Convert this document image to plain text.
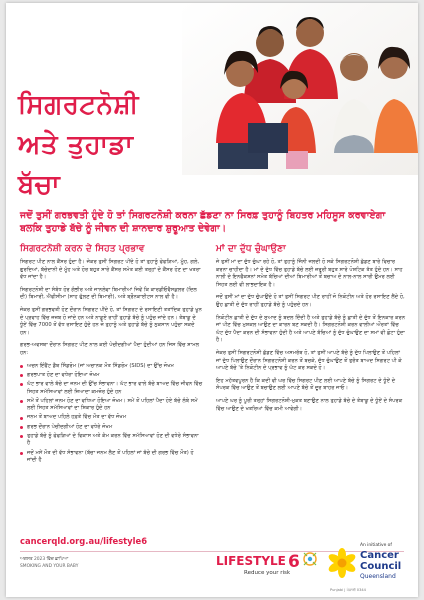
ਸਿਗਰਟਨੋਸ਼ੀ
ਅਤੇ ਤੁਹਾਡਾ
ਬੱਚਾ
ਜਦੋਂ ਤੁਸੀਂ ਗਰਭਵਤੀ ਹੁੰਦੇ ਹੋ ਤਾਂ ਸਿਗਰਟਨੋਸ਼ੀ ਕਰਨਾ ਛੱਡਣਾ ਨਾ ਸਿਰਫ਼ ਤੁਹਾਨੂੰ ਬਿਹਤਰ ਮਹਿਸੂਸ ਕਰਵਾਏਗਾ ਬਲਕਿ ਤੁਹਾਡੇ ਬੱਚੇ ਨੂੰ ਜੀਵਨ ਦੀ ਸ਼ਾਨਦਾਰ ਸ਼ੁਰੂਆਤ ਦੇਵੇਗਾ।
ਸਿਗਰਟਨੋਸ਼ੀ ਕਰਨ ਦੇ ਸਿਹਤ ਪ੍ਰਭਾਵ

ਸਿਗਰਟ ਪੀਣ ਨਾਲ ਕੈਂਸਰ ਹੁੰਦਾ ਹੈ। ਜੇਕਰ ਤੁਸੀਂ ਸਿਗਰਟ ਪੀਂਦੇ ਹੋ ਤਾਂ ਤੁਹਾਨੂੰ ਫੇਫੜਿਆਂ, ਮੂੰਹ, ਗਲੇ, ਗੁਰਦਿਆਂ, ਬੱਚੇਦਾਨੀ ਦੇ ਮੂੰਹ ਅਤੇ ਹੋਰ ਬਹੁਤ ਸਾਰੇ ਕੈਂਸਰ ਸਮੇਤ ਕਈ ਤਰ੍ਹਾਂ ਦੇ ਕੈਂਸਰ ਹੋਣ ਦਾ ਖਤਰਾ ਵੱਧ ਜਾਂਦਾ ਹੈ।

ਸਿਗਰਟਨੋਸ਼ੀ ਦਾ ਸੰਬੰਧ ਹੋਰ ਗੰਭੀਰ ਅਤੇ ਜਾਨਲੇਵਾ ਬਿਮਾਰੀਆਂ ਜਿਵੇਂ ਕਿ ਕਾਰਡੀਓਵੈਸਕੁਲਰ (ਦਿਲ ਦੀ) ਬਿਮਾਰੀ, ਐਂਫੀਸੀਮਾ (ਸਾਹ ਫੁੱਲਣ ਦੀ ਬਿਮਾਰੀ), ਅਤੇ ਬ੍ਰੌਨਕਾਈਟਸ ਨਾਲ ਵੀ ਹੈ।

ਜੇਕਰ ਤੁਸੀਂ ਗਰਭਵਤੀ ਹੋਣ ਦੌਰਾਨ ਸਿਗਰਟ ਪੀਂਦੇ ਹੋ, ਤਾਂ ਸਿਗਰਟ ਦੇ ਰਸਾਇਣੀ ਤਤਾਂਦਿਕ ਤੁਹਾਡੇ ਖੂਨ ਦੇ ਪ੍ਰਵਾਹ ਵਿੱਚ ਜਜ਼ਬ ਹੋ ਜਾਂਦੇ ਹਨ ਅਤੇ ਨਾੜੂਏ ਰਾਹੀਂ ਤੁਹਾਡੇ ਬੱਚੇ ਨੂੰ ਪਹੁੰਚ ਜਾਂਦੇ ਹਨ। ਤੰਬਾਕੂ ਦੇ ਧੂੰਏਂ ਵਿੱਚ 7000 ਤੋਂ ਵੱਧ ਰਸਾਇਣ ਹੁੰਦੇ ਹਨ ਜੋ ਤੁਹਾਨੂੰ ਅਤੇ ਤੁਹਾਡੇ ਬੱਚੇ ਨੂੰ ਨੁਕਸਾਨ ਪਹੁੰਚਾ ਸਕਦੇ ਹਨ।

ਗਰਭ-ਅਵਸਥਾ ਦੌਰਾਨ ਸਿਗਰਟ ਪੀਣ ਨਾਲ ਕਈ ਪੇਚੀਦਗੀਆਂ ਪੈਦਾ ਹੁੰਦੀਆਂ ਹਨ ਜਿਸ ਵਿੱਚ ਸ਼ਾਮਲ ਹਨ:

ਅਚਨ ਇੰਫੈਂਟ ਡੈਥ ਸਿੰਡਰੋਮ (ਜਾਂ ਅਚਾਨਕ ਮੌਤ ਸਿੰਡਰੋਮ (SIDS) ਦਾ ਉੱਚ ਜੋਖਮ
ਗਰਭਪਾਤ ਹੋਣ ਦਾ ਵਧੇਰਾ ਹੋਇਆ ਜੋਖਮ
ਘੱਟ ਭਾਰ ਵਾਲੇ ਬੱਚੇ ਦਾ ਜਨਮ ਦੀ ਉੱਚ ਸੰਭਾਵਨਾ। ਘੱਟ ਭਾਰ ਵਾਲੇ ਬੱਚੇ ਬਾਅਦ ਵਿੱਚ ਜੀਵਨ ਵਿੱਚ ਸਿਹਤ ਸਮੱਸਿਆਵਾਂ ਲਈ ਜ਼ਿਆਦਾ ਕਮਜ਼ੋਰ ਹੁੰਦੇ ਹਨ
ਸਮੇਂ ਤੋਂ ਪਹਿਲਾਂ ਜਨਮ ਹੋਣ ਦਾ ਵਧਿਆ ਹੋਇਆ ਜੋਖਮ। ਸਮੇਂ ਤੋਂ ਪਹਿਲਾਂ ਪੈਦਾ ਹੋਏ ਬੱਚੇ ਲੰਬੇ ਸਮੇਂ ਲਈ ਸਿਹਤ ਸਮੱਸਿਆਵਾਂ ਦਾ ਸ਼ਿਕਾਰ ਹੁੰਦੇ ਹਨ
ਜਨਮ ਤੋਂ ਬਾਅਦ ਪਹਿਲੇ ਹਫ਼ਤੇ ਵਿੱਚ ਮੌਤ ਦਾ ਵੱਧ ਜੋਖਮ
ਗਰਭ ਦੌਰਾਨ ਪੇਚੀਦਗੀਆਂ ਹੋਣ ਦਾ ਵਧੇਰੇ ਜੋਖਮ
ਤੁਹਾਡੇ ਬੱਚੇ ਨੂੰ ਫੇਫੜਿਆਂ ਦੇ ਵਿਕਾਸ ਅਤੇ ਕੰਮ ਕਰਨ ਵਿੱਚ ਸਮੱਸਿਆਵਾਂ ਹੋਣ ਦੀ ਵਧੇਰੇ ਸੰਭਾਵਨਾ ਹੈ
ਜਦੋਂ ਮਸੇਂ ਮੌਤ ਦੀ ਵੱਧ ਸੰਭਾਵਨਾ (ਬੱਚਾ ਜਨਮ ਲੈਣ ਤੋਂ ਪਹਿਲਾਂ ਜਾਂ ਬੱਚੇ ਦੀ ਗਰਭ ਵਿੱਚ ਮੌਤ) ਹੋ ਜਾਂਦੀ ਹੈ
ਮਾਂ ਦਾ ਦੁੱਧ ਚੁੰਘਾਉਣਾ

ਜੇ ਤੁਸੀਂ ਮਾਂ ਦਾ ਦੁੱਧ ਚੁੰਘਾ ਰਹੇ ਹੋ, ਤਾਂ ਤੁਹਾਨੂੰ ਜਿੰਨੀ ਜਲਦੀ ਹੋ ਸਕੇ ਸਿਗਰਟਨੋਸ਼ੀ ਛੱਡਣ ਬਾਰੇ ਵਿਚਾਰ ਕਰਨਾ ਚਾਹੀਦਾ ਹੈ। ਮਾਂ ਦੇ ਦੁੱਧ ਵਿੱਚ ਤੁਹਾਡੇ ਬੱਚੇ ਲਈ ਜ਼ਰੂਰੀ ਬਹੁਤ ਸਾਰੇ ਪੋਸ਼ਟਿਕ ਤੱਤ ਹੁੰਦੇ ਹਨ। ਸਾਹ ਨਾਲੀ ਦੇ ਇਨਫੈਕਸ਼ਨਾਂ ਸਮੇਤ ਬੱਚਿਆਂ ਦੀਆਂ ਬਿਮਾਰੀਆਂ ਤੋਂ ਬਚਾਅ ਦੇ ਨਾਲ-ਨਾਲ ਸਾਰੀ ਉਮਰ ਲਈ ਸਿਹਤ ਲਈ ਵੀ ਲਾਭਦਾਇਕ ਹੈ।

ਜਦੋਂ ਤੁਸੀਂ ਮਾਂ ਦਾ ਦੁੱਧ ਚੁੰਘਾਉਂਦੇ ਹੋ ਤਾਂ ਤੁਸੀਂ ਸਿਗਰਟ ਪੀਣ ਰਾਹੀਂ ਜੋ ਨਿਕੋਟੀਨ ਅਤੇ ਹੋਰ ਰਸਾਇਣ ਲੈਂਦੇ ਹੋ, ਉਹ ਛਾਤੀ ਦੇ ਦੁੱਧ ਰਾਹੀਂ ਤੁਹਾਡੇ ਬੱਚੇ ਨੂੰ ਪਹੁੰਚਦੇ ਹਨ।

ਨਿਕੋਟੀਨ ਛਾਤੀ ਦੇ ਦੁੱਧ ਦੇ ਸੁਆਦ ਨੂੰ ਬਦਲ ਦਿੰਦੀ ਹੈ ਅਤੇ ਤੁਹਾਡੇ ਬੱਚੇ ਨੂੰ ਛਾਤੀ ਦੇ ਦੁੱਧ ਤੋਂ ਇਨਕਾਰ ਕਰਨ ਜਾਂ ਪੀਣ ਵਿੱਚ ਮੁਸ਼ਕਲ ਆਉਣ ਦਾ ਕਾਰਨ ਬਣ ਸਕਦੀ ਹੈ। ਸਿਗਰਟਨੋਸ਼ੀ ਕਰਨ ਵਾਲੀਆਂ ਔਰਤਾਂ ਵਿੱਚ ਘੱਟ ਦੁੱਧ ਪੈਦਾ ਕਰਨ ਦੀ ਸੰਭਾਵਨਾ ਹੁੰਦੀ ਹੈ ਅਤੇ ਆਪਣੇ ਬੱਚਿਆਂ ਨੂੰ ਦੁੱਧ ਚੁੰਘਾਉਣ ਦਾ ਸਮਾਂ ਵੀ ਛੋਟਾ ਹੁੰਦਾ ਹੈ।

ਜੇਕਰ ਤੁਸੀਂ ਸਿਗਰਟਨੋਸ਼ੀ ਛੱਡਣ ਵਿੱਚ ਅਸਮਰੱਥ ਹੋ, ਤਾਂ ਤੁਸੀਂ ਆਪਣੇ ਬੱਚੇ ਨੂੰ ਦੁੱਧ ਪਿਲਾਉਣ ਤੋਂ ਪਹਿਲਾਂ ਜਾਂ ਦੁੱਧ ਪਿਲਾਉਣ ਦੌਰਾਨ ਸਿਗਰਟਨੋਸ਼ੀ ਕਰਨ ਤੋਂ ਬਚਕੇ, ਦੁੱਧ ਚੁੰਘਾਉਣ ਤੋਂ ਤੁਰੰਤ ਬਾਅਦ ਸਿਗਰਟ ਪੀ ਕੇ ਆਪਣੇ ਬੱਚੇ 'ਤੇ ਨਿਕੋਟੀਨ ਦੇ ਪ੍ਰਭਾਵ ਨੂੰ ਘੱਟ ਕਰ ਸਕਦੇ ਹੋ।

ਇਹ ਮਹੱਤਵਪੂਰਨ ਹੈ ਕਿ ਕਦੀ ਵੀ ਘਰ ਵਿੱਚ ਸਿਗਰਟ ਪੀਣ ਲਈ ਆਪਣੇ ਬੱਚੇ ਨੂੰ ਸਿਗਰਟ ਦੇ ਧੂੰਏਂ ਦੇ ਸੰਪਰਕ ਵਿੱਚ ਆਉਣ ਤੋਂ ਬਚਾਉਣ ਲਈ ਆਪਣੇ ਬੱਚੇ ਤੋਂ ਦੂਰ ਬਾਹਰ ਜਾਓ।

ਆਪਣੇ ਘਰ ਨੂੰ ਪੂਰੀ ਤਰ੍ਹਾਂ ਸਿਗਰਟਨੋਸ਼ੀ-ਮੁਕਤ ਬਣਾਉਣ ਨਾਲ ਤੁਹਾਡੇ ਬੱਚੇ ਦੇ ਤੰਬਾਕੂ ਦੇ ਧੂੰਏਂ ਦੇ ਸੰਪਰਕ ਵਿੱਚ ਆਉਣ ਦੇ ਖਤਰਿਆਂ ਵਿੱਚ ਕਮੀ ਆਵੇਗੀ।

cancerqld.org.au/lifestyle6
ਅਗਸਤ 2023 ਵਿੱਚ ਛਾਪਿਆ
SMOKING AND YOUR BABY	LIFESTYLE 6
Reduce your risk
An initiative of
Cancer
Council
Queensland
Punjabi | ਪੰਜਾਬੀ 0344
